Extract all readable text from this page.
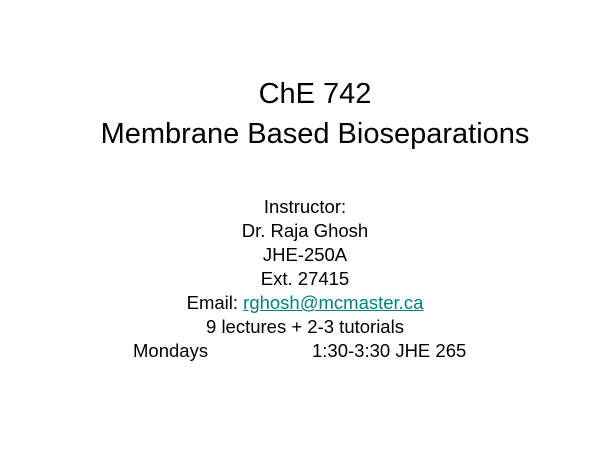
ChE 742
Membrane Based Bioseparations
Instructor:
Dr. Raja Ghosh
JHE-250A
Ext. 27415
Email: rghosh@mcmaster.ca
9 lectures + 2-3 tutorials
Mondays	1:30-3:30 JHE 265
